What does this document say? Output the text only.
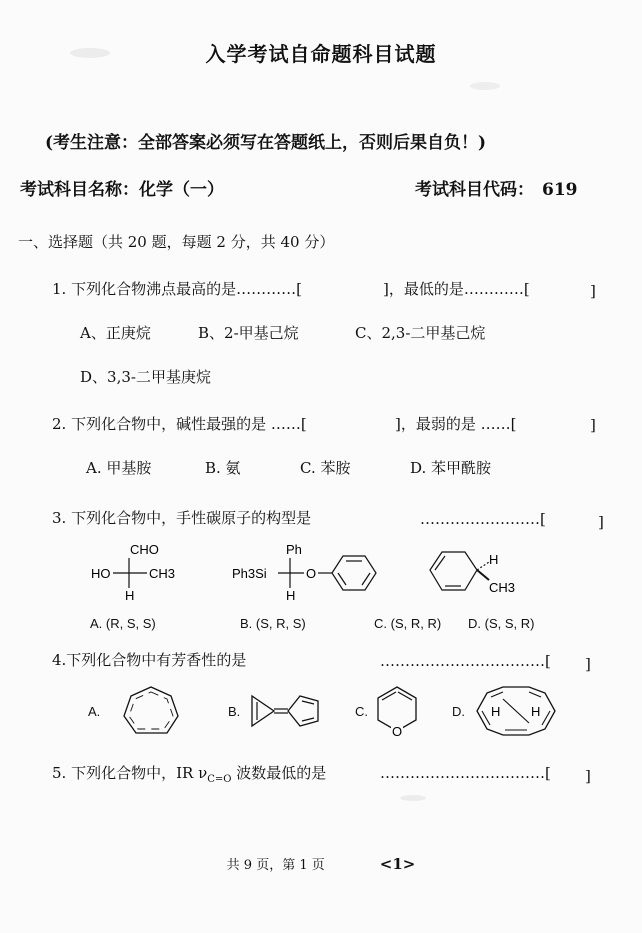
入学考试自命题科目试题
(考生注意：全部答案必须写在答题纸上，否则后果自负！)
考试科目名称：化学（一）	考试科目代码： 619
一、选择题（共 20 题，每题 2 分，共 40 分）
1. 下列化合物沸点最高的是…………[	]，最低的是…………[	]
A、正庚烷	B、2-甲基己烷	C、2,3-二甲基己烷
D、3,3-二甲基庚烷
2. 下列化合物中，碱性最强的是 ……[	]，最弱的是 ……[	]
A. 甲基胺	B. 氨	C. 苯胺	D. 苯甲酰胺
3. 下列化合物中，手性碳原子的构型是	……………………[	]
CHO
HO	CH3
H
Ph
Ph3Si
H
O
H
CH3
A. (R, S, S)	B. (S, R, S)	C. (S, R, R) D. (S, S, R)
4.下列化合物中有芳香性的是	……………………………[ ]
A.	B.	C.
O
D. H H
5. 下列化合物中，IR $\nu_{C=O}$ 波数最低的是	……………………………[ ]
共 9 页，第 1 页	<1>
